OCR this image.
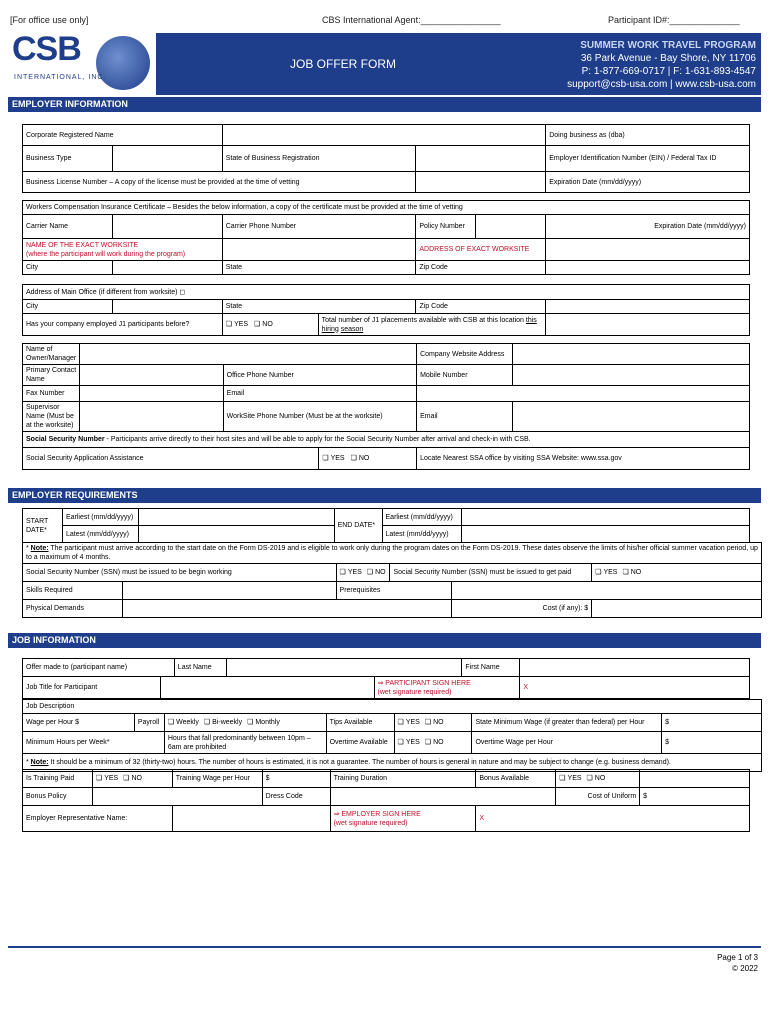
[For office use only]	CBS International Agent:________________	Participant ID#:______________
CSB
INTERNATIONAL, INC.
JOB OFFER FORM
SUMMER WORK TRAVEL PROGRAM
36 Park Avenue - Bay Shore, NY 11706
P: 1-877-669-0717 | F: 1-631-893-4547
support@csb-usa.com | www.csb-usa.com
EMPLOYER INFORMATION
Corporate Registered Name				Doing business as (dba)
Business Type		State of Business Registration		Employer Identification Number (EIN) / Federal Tax ID
Business License Number – A copy of the license must be provided at the time of vetting				Expiration Date (mm/dd/yyyy)
Workers Compensation Insurance Certificate – Besides the below information, a copy of the certificate must be provided at the time of vetting					
Carrier Name		Carrier Phone Number	Policy Number		Expiration Date (mm/dd/yyyy)

NAME OF THE EXACT WORKSITE
(where the participant will work during the program)			ADDRESS OF EXACT WORKSITE		
City		State	Zip Code		
Address of Main Office (if different from worksite) ◻					
City		State		Zip Code	
Has your company employed J1 participants before?		❏ YES ❏ NO	Total number of J1 placements available with CSB at this location this hiring season		
Name of Owner/Manager				Company Website Address	
Primary Contact Name		Office Phone Number		Mobile Number	
Fax Number		Email			
Supervisor Name (Must be at the worksite)		WorkSite Phone Number (Must be at the worksite)		Email	
Social Security Number - Participants arrive directly to their host sites and will be able to apply for the Social Security Number after arrival and check-in with CSB.					
Social Security Application Assistance			❏ YES ❏ NO	Locate Nearest SSA office by visiting SSA Website: www.ssa.gov	
EMPLOYER REQUIREMENTS
START DATE*	Earliest (mm/dd/yyyy)		END DATE*	Earliest (mm/dd/yyyy)	
	Latest (mm/dd/yyyy)			Latest (mm/dd/yyyy)	
* Note: The participant must arrive according to the start date on the Form DS-2019 and is eligible to work only during the program dates on the Form DS-2019. These dates observe the limits of his/her official summer vacation period, up to a maximum of 4 months.					
Social Security Number (SSN) must be issued to be begin working		❏ YES ❏ NO	Social Security Number (SSN) must be issued to get paid		❏ YES ❏ NO
Skills Required		Prerequisites			
Physical Demands				Cost (if any): $	
JOB INFORMATION
Offer made to (participant name)		Last Name			First Name	
Job Title for Participant				⇒ PARTICIPANT SIGN HERE
(wet signature required)		X
Job Description						
Wage per Hour $	Payroll	❏ Weekly ❏ Bi-weekly ❏ Monthly	Tips Available	❏ YES ❏ NO	State Minimum Wage (if greater than federal) per Hour	$
Minimum Hours per Week*		Hours that fall predominantly between 10pm – 6am are prohibited	Overtime Available	❏ YES ❏ NO	Overtime Wage per Hour	$
* Note: It should be a minimum of 32 (thirty-two) hours. The number of hours is estimated, it is not a guarantee. The number of hours is general in nature and may be subject to change (e.g. business demand).						
Is Training Paid	❏ YES ❏ NO	Training Wage per Hour	$	Training Duration	Bonus Available	❏ YES ❏ NO	
Bonus Policy			Dress Code			Cost of Uniform	$
Employer Representative Name:				⇒ EMPLOYER SIGN HERE
(wet signature required)	X		
Page 1 of 3
© 2022
